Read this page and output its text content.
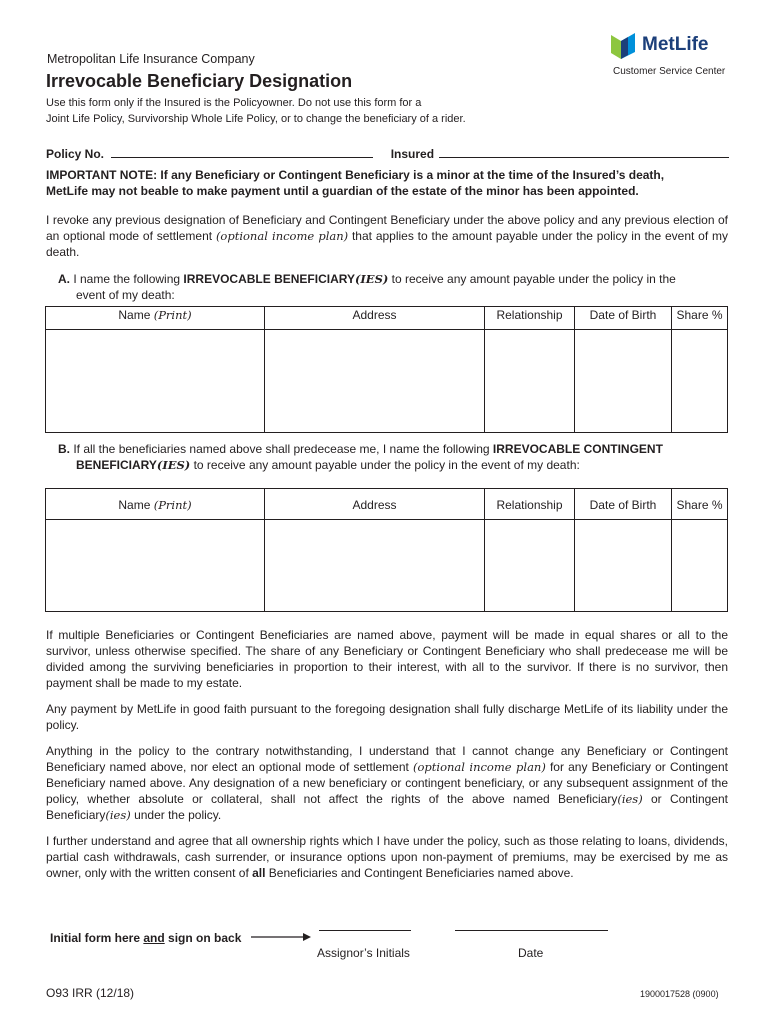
Metropolitan Life Insurance Company
Irrevocable Beneficiary Designation
MetLife
Customer Service Center
Use this form only if the Insured is the Policyowner. Do not use this form for a
Joint Life Policy, Survivorship Whole Life Policy, or to change the beneficiary of a rider.
Policy No.	Insured
IMPORTANT NOTE: If any Beneficiary or Contingent Beneficiary is a minor at the time of the Insured’s death,
MetLife may not beable to make payment until a guardian of the estate of the minor has been appointed.
I revoke any previous designation of Beneficiary and Contingent Beneficiary under the above policy and any previous election of an optional mode of settlement (optional income plan) that applies to the amount payable under the policy in the event of my death.
A. I name the following IRREVOCABLE BENEFICIARY(IES) to receive any amount payable under the policy in the
event of my death:
Name (Print)	Address	Relationship	Date of Birth	Share %

B. If all the beneficiaries named above shall predecease me, I name the following IRREVOCABLE CONTINGENT
BENEFICIARY(IES) to receive any amount payable under the policy in the event of my death:
Name (Print)	Address	Relationship	Date of Birth	Share %

If multiple Beneficiaries or Contingent Beneficiaries are named above, payment will be made in equal shares or all to the survivor, unless otherwise specified. The share of any Beneficiary or Contingent Beneficiary who shall predecease me will be divided among the surviving beneficiaries in proportion to their interest, with all to the survivor. If there is no survivor, then payment shall be made to my estate.
Any payment by MetLife in good faith pursuant to the foregoing designation shall fully discharge MetLife of its liability under the policy.
Anything in the policy to the contrary notwithstanding, I understand that I cannot change any Beneficiary or Contingent Beneficiary named above, nor elect an optional mode of settlement (optional income plan) for any Beneficiary or Contingent Beneficiary named above. Any designation of a new beneficiary or contingent beneficiary, or any subsequent assignment of the policy, whether absolute or collateral, shall not affect the rights of the above named Beneficiary(ies) or Contingent Beneficiary(ies) under the policy.
I further understand and agree that all ownership rights which I have under the policy, such as those relating to loans, dividends, partial cash withdrawals, cash surrender, or insurance options upon non-payment of premiums, may be exercised by me as owner, only with the written consent of all Beneficiaries and Contingent Beneficiaries named above.
Initial form here and sign on back
Assignor’s Initials	Date
O93 IRR (12/18)	1900017528 (0900)
